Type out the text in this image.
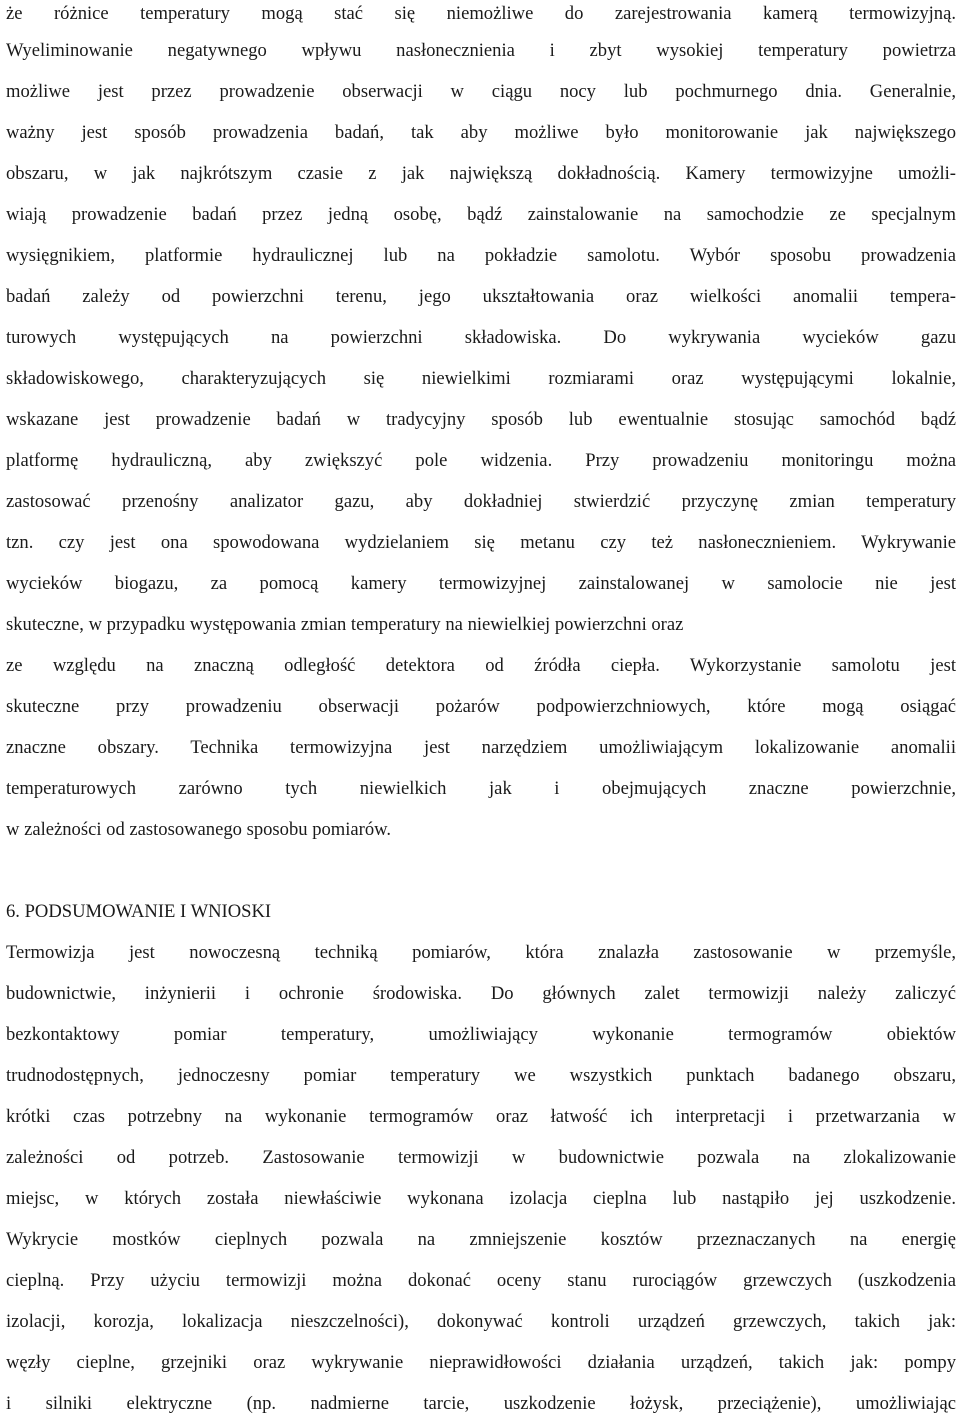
że różnice temperatury mogą stać się niemożliwe do zarejestrowania kamerą termowizyjną.
Wyeliminowanie negatywnego wpływu nasłonecznienia i zbyt wysokiej temperatury powietrza
możliwe jest przez prowadzenie obserwacji w ciągu nocy lub pochmurnego dnia. Generalnie,
ważny jest sposób prowadzenia badań, tak aby możliwe było monitorowanie jak największego
obszaru, w jak najkrótszym czasie z jak największą dokładnością. Kamery termowizyjne umożli-
wiają prowadzenie badań przez jedną osobę, bądź zainstalowanie na samochodzie ze specjalnym
wysięgnikiem, platformie hydraulicznej lub na pokładzie samolotu. Wybór sposobu prowadzenia
badań zależy od powierzchni terenu, jego ukształtowania oraz wielkości anomalii tempera-
turowych występujących na powierzchni składowiska. Do wykrywania wycieków gazu
składowiskowego, charakteryzujących się niewielkimi rozmiarami oraz występującymi lokalnie,
wskazane jest prowadzenie badań w tradycyjny sposób lub ewentualnie stosując samochód bądź
platformę hydrauliczną, aby zwiększyć pole widzenia. Przy prowadzeniu monitoringu można
zastosować przenośny analizator gazu, aby dokładniej stwierdzić przyczynę zmian temperatury
tzn. czy jest ona spowodowana wydzielaniem się metanu czy też nasłonecznieniem. Wykrywanie
wycieków biogazu, za pomocą kamery termowizyjnej zainstalowanej w samolocie nie jest
skuteczne, w przypadku występowania zmian temperatury na niewielkiej powierzchni oraz
ze względu na znaczną odległość detektora od źródła ciepła. Wykorzystanie samolotu jest
skuteczne przy prowadzeniu obserwacji pożarów podpowierzchniowych, które mogą osiągać
znaczne obszary. Technika termowizyjna jest narzędziem umożliwiającym lokalizowanie anomalii
temperaturowych zarówno tych niewielkich jak i obejmujących znaczne powierzchnie,
w zależności od zastosowanego sposobu pomiarów.
6. PODSUMOWANIE I WNIOSKI
Termowizja jest nowoczesną techniką pomiarów, która znalazła zastosowanie w przemyśle,
budownictwie, inżynierii i ochronie środowiska. Do głównych zalet termowizji należy zaliczyć
bezkontaktowy pomiar temperatury, umożliwiający wykonanie termogramów obiektów
trudnodostępnych, jednoczesny pomiar temperatury we wszystkich punktach badanego obszaru,
krótki czas potrzebny na wykonanie termogramów oraz łatwość ich interpretacji i przetwarzania w
zależności od potrzeb. Zastosowanie termowizji w budownictwie pozwala na zlokalizowanie
miejsc, w których została niewłaściwie wykonana izolacja cieplna lub nastąpiło jej uszkodzenie.
Wykrycie mostków cieplnych pozwala na zmniejszenie kosztów przeznaczanych na energię
cieplną. Przy użyciu termowizji można dokonać oceny stanu rurociągów grzewczych (uszkodzenia
izolacji, korozja, lokalizacja nieszczelności), dokonywać kontroli urządzeń grzewczych, takich jak:
węzły cieplne, grzejniki oraz wykrywanie nieprawidłowości działania urządzeń, takich jak: pompy
i silniki elektryczne (np. nadmierne tarcie, uszkodzenie łożysk, przeciążenie), umożliwiając
